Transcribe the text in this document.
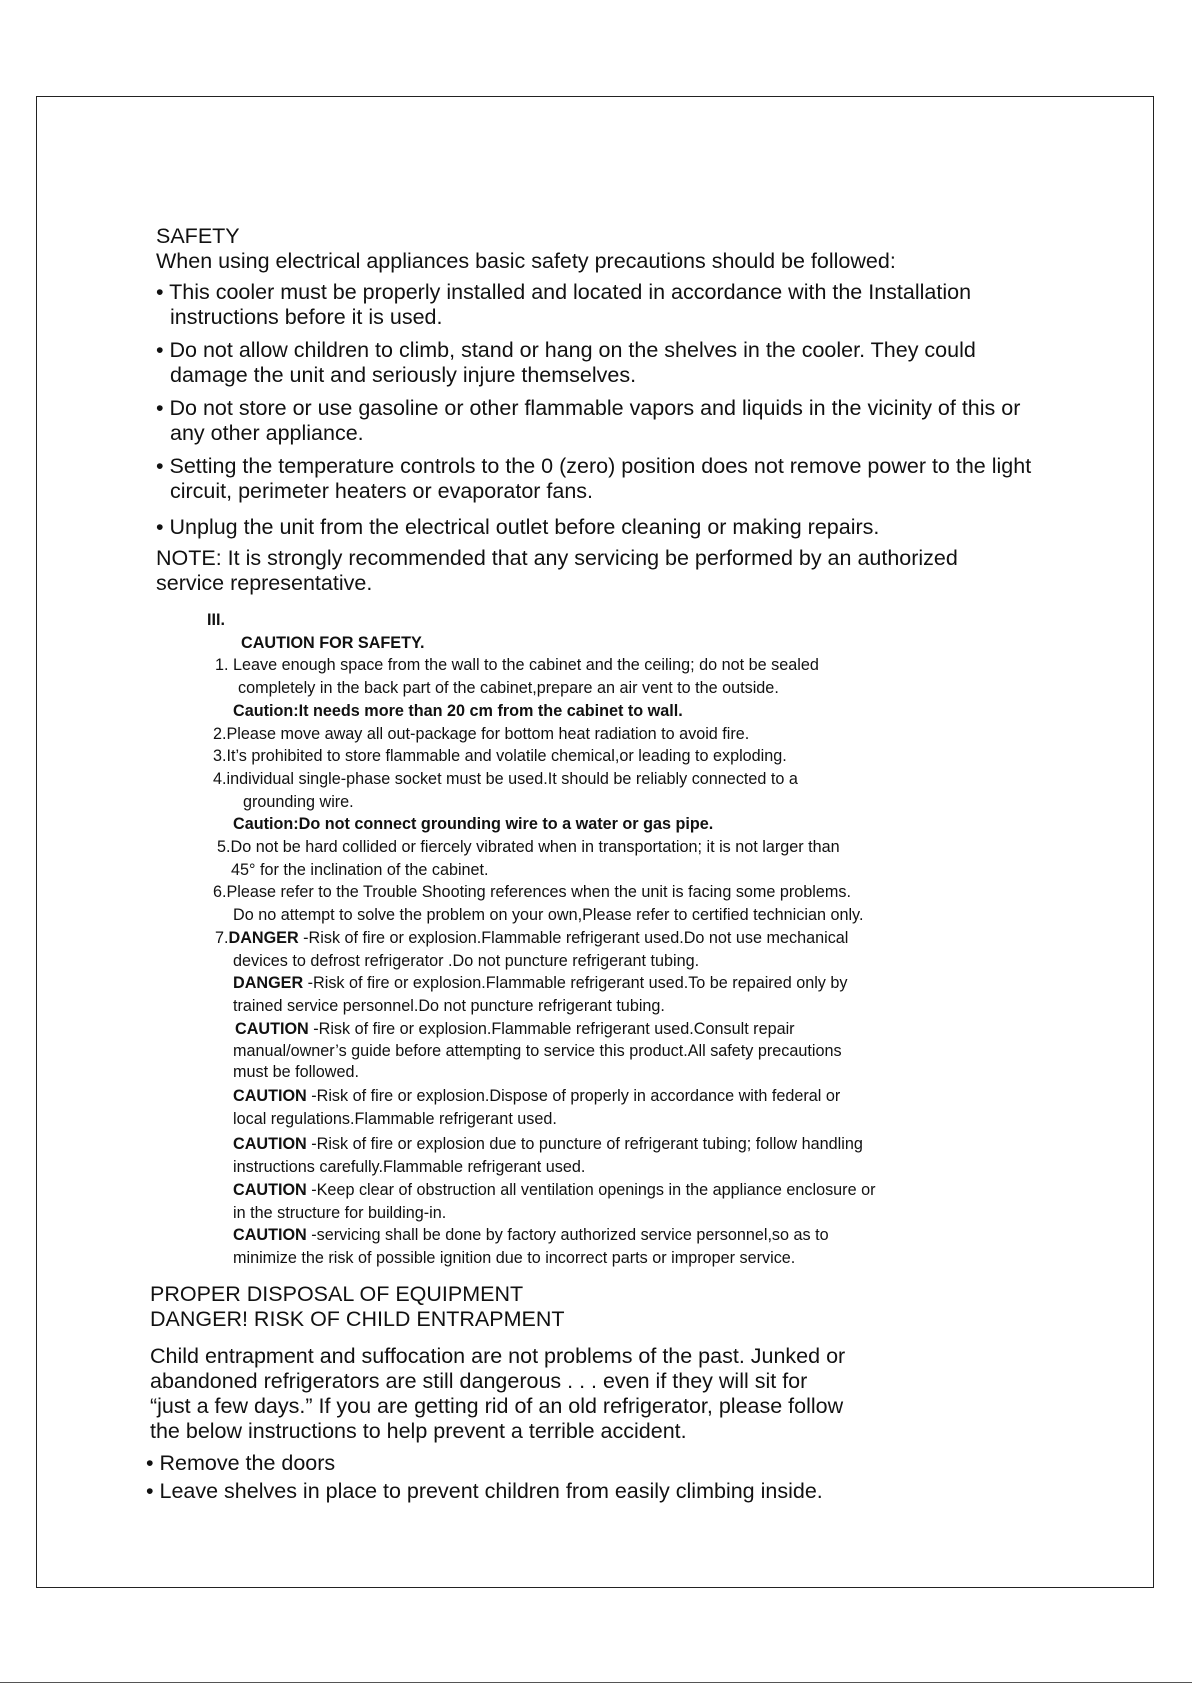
SAFETY

When using electrical appliances basic safety precautions should be followed:

• This cooler must be properly installed and located in accordance with the Installation instructions before it is used.

• Do not allow children to climb, stand or hang on the shelves in the cooler. They could damage the unit and seriously injure themselves.

• Do not store or use gasoline or other flammable vapors and liquids in the vicinity of this or any other appliance.

• Setting the temperature controls to the 0 (zero) position does not remove power to the light circuit, perimeter heaters or evaporator fans.

• Unplug the unit from the electrical outlet before cleaning or making repairs.

NOTE: It is strongly recommended that any servicing be performed by an authorized service representative.

III.

CAUTION FOR SAFETY.

1. Leave enough space from the wall to the cabinet and the ceiling; do not be sealed

completely in the back part of the cabinet,prepare an air vent to the outside.

Caution:It needs more than 20 cm from the cabinet to wall.

2.Please move away all out-package for bottom heat radiation to avoid fire.

3.It’s prohibited to store flammable and volatile chemical,or leading to exploding.

4.individual single-phase socket must be used.It should be reliably connected to a

grounding wire.

Caution:Do not connect grounding wire to a water or gas pipe.

5.Do not be hard collided or fiercely vibrated when in transportation; it is not larger than

45° for the inclination of the cabinet.

6.Please refer to the Trouble Shooting references when the unit is facing some problems.

Do no attempt to solve the problem on your own,Please refer to certified technician only.

7.DANGER -Risk of fire or explosion.Flammable refrigerant used.Do not use mechanical

devices to defrost refrigerator .Do not puncture refrigerant tubing.

DANGER -Risk of fire or explosion.Flammable refrigerant used.To be repaired only by

trained service personnel.Do not puncture refrigerant tubing.

CAUTION -Risk of fire or explosion.Flammable refrigerant used.Consult repair

manual/owner’s guide before attempting to service this product.All safety precautions

must be followed.

CAUTION -Risk of fire or explosion.Dispose of properly in accordance with federal or

local regulations.Flammable refrigerant used.

CAUTION -Risk of fire or explosion due to puncture of refrigerant tubing; follow handling

instructions carefully.Flammable refrigerant used.

CAUTION -Keep clear of obstruction all ventilation openings in the appliance enclosure or

in the structure for building-in.

CAUTION -servicing shall be done by factory authorized service personnel,so as to

minimize the risk of possible ignition due to incorrect parts or improper service.

PROPER DISPOSAL OF EQUIPMENT

DANGER! RISK OF CHILD ENTRAPMENT

Child entrapment and suffocation are not problems of the past. Junked or

abandoned refrigerators are still dangerous . . . even if they will sit for

“just a few days.” If you are getting rid of an old refrigerator, please follow

the below instructions to help prevent a terrible accident.

• Remove the doors

• Leave shelves in place to prevent children from easily climbing inside.
